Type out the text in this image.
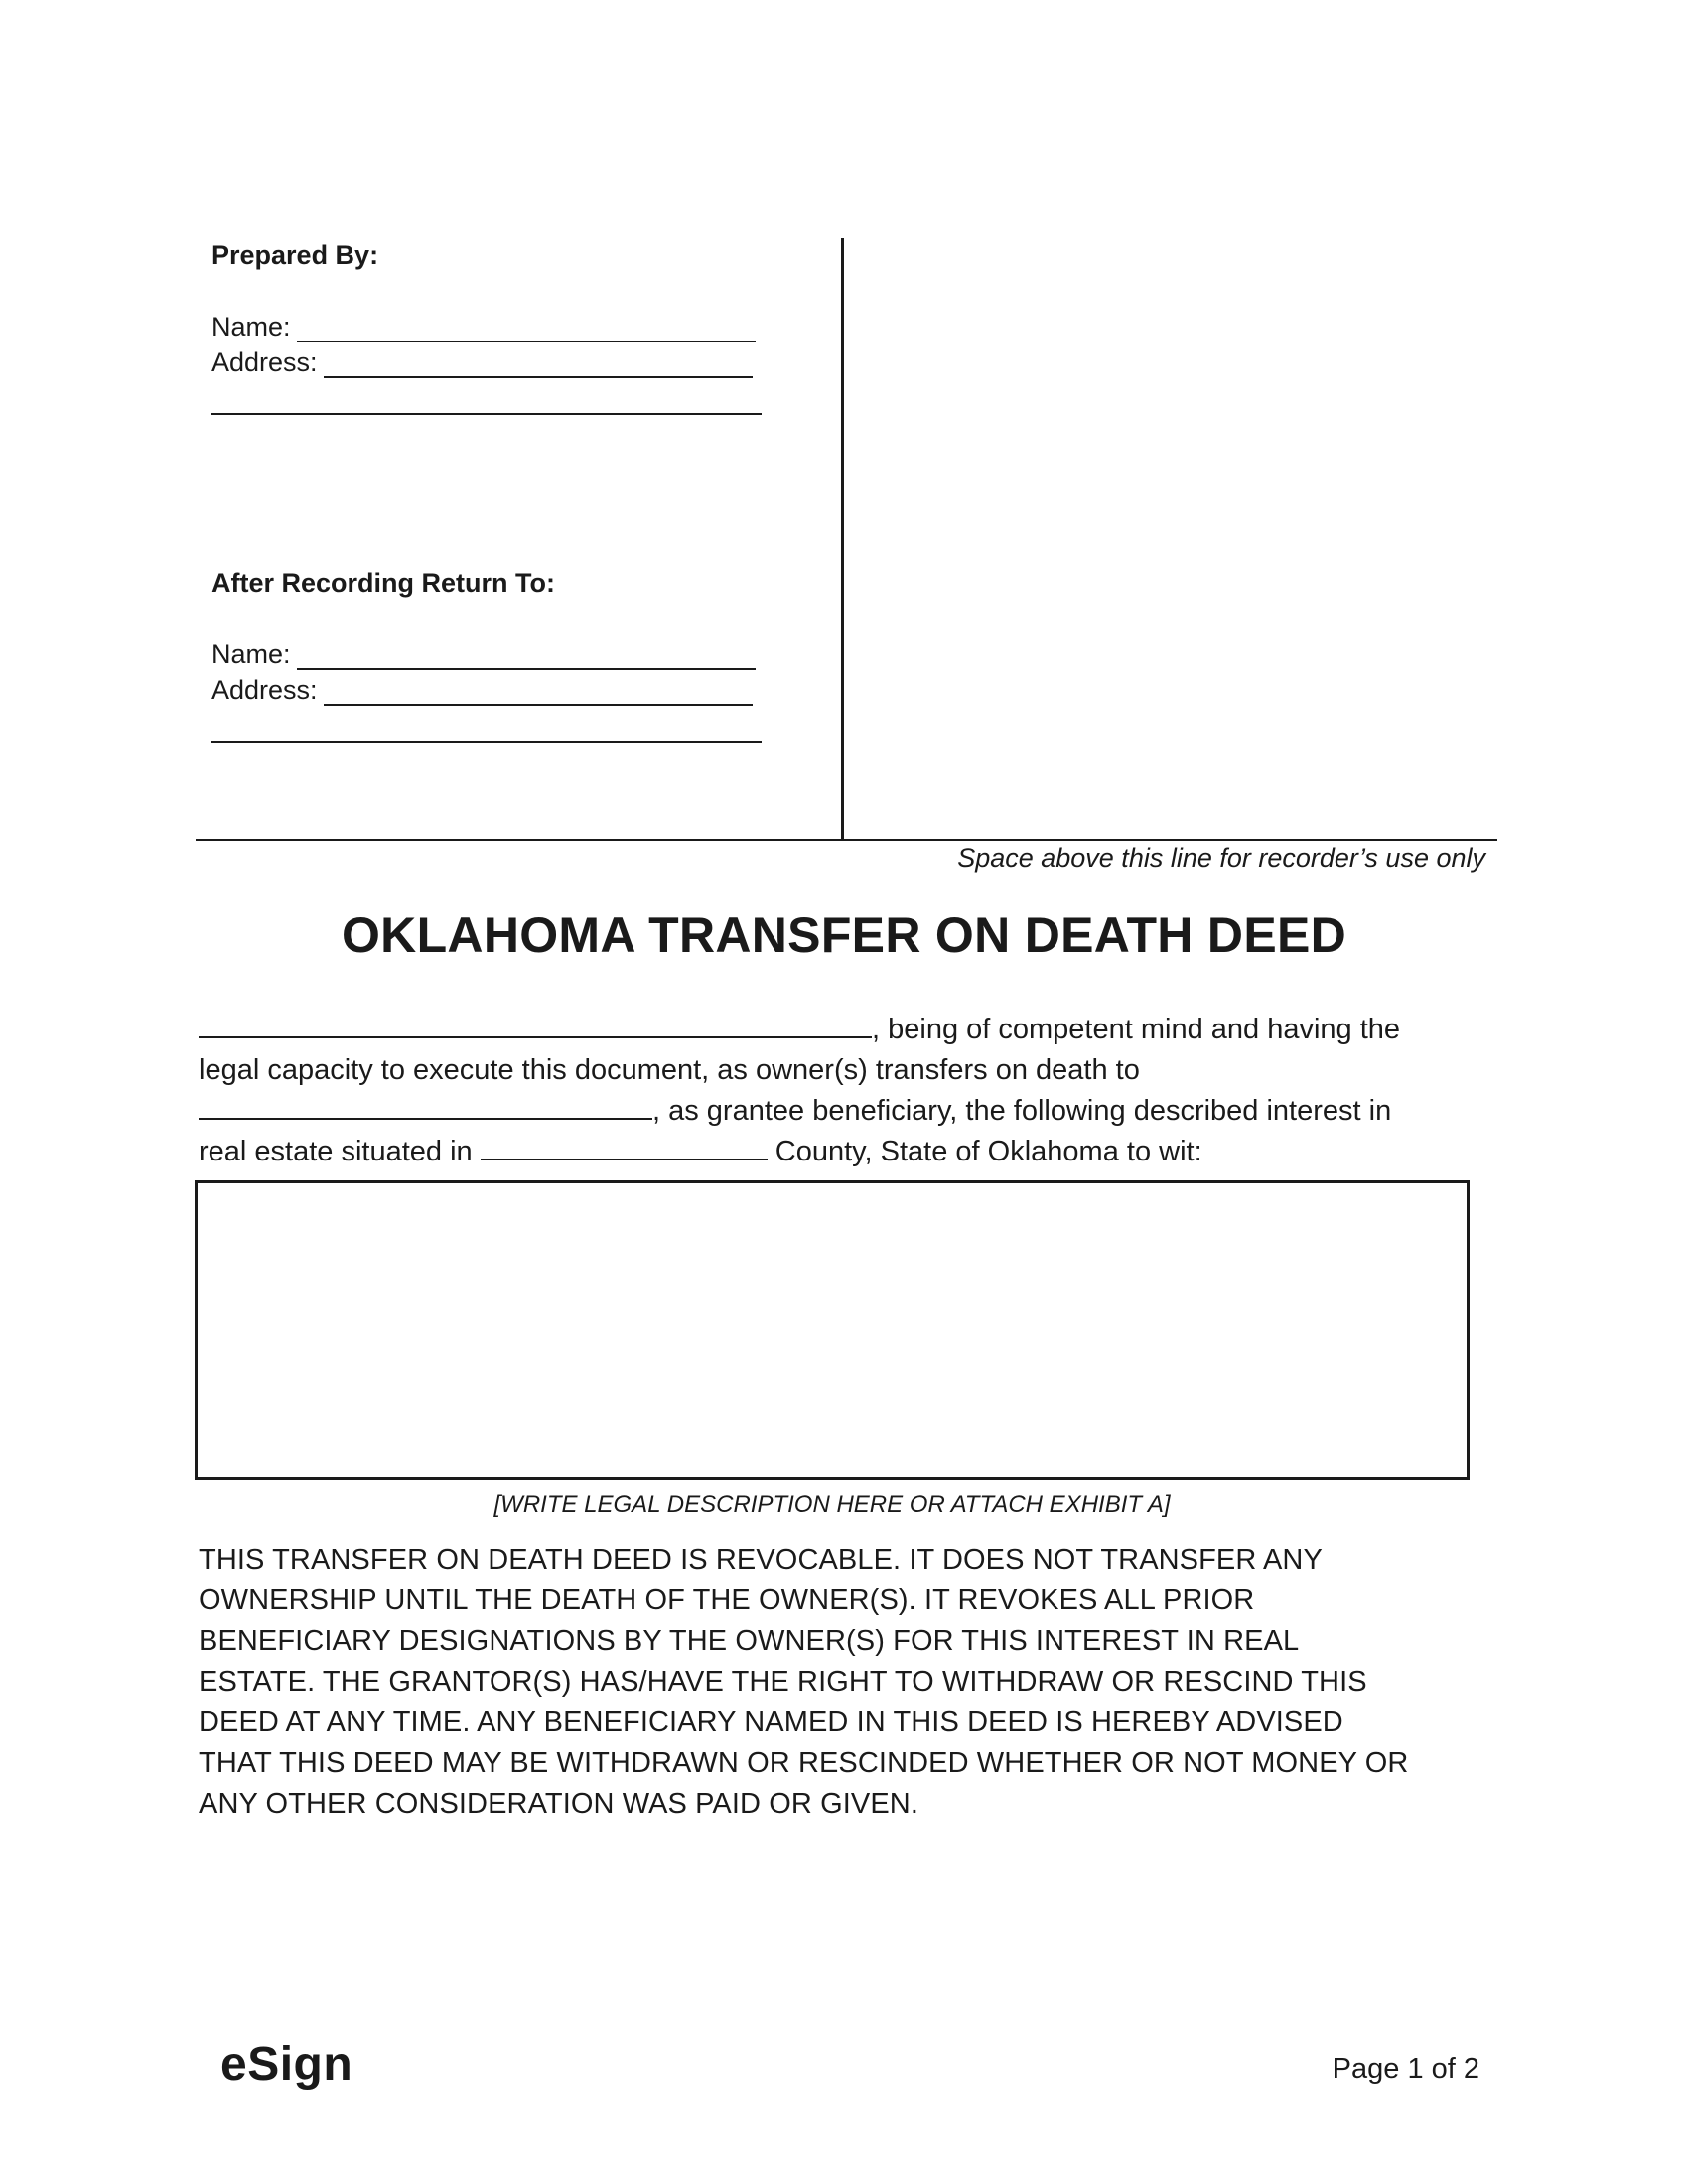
Prepared By:
Name:
Address:
After Recording Return To:
Name:
Address:
Space above this line for recorder’s use only
OKLAHOMA TRANSFER ON DEATH DEED
, being of competent mind and having the
legal capacity to execute this document, as owner(s) transfers on death to
, as grantee beneficiary, the following described interest in
real estate situated in	County, State of Oklahoma to wit:
[WRITE LEGAL DESCRIPTION HERE OR ATTACH EXHIBIT A]
THIS TRANSFER ON DEATH DEED IS REVOCABLE. IT DOES NOT TRANSFER ANY
OWNERSHIP UNTIL THE DEATH OF THE OWNER(S). IT REVOKES ALL PRIOR
BENEFICIARY DESIGNATIONS BY THE OWNER(S) FOR THIS INTEREST IN REAL
ESTATE. THE GRANTOR(S) HAS/HAVE THE RIGHT TO WITHDRAW OR RESCIND THIS
DEED AT ANY TIME. ANY BENEFICIARY NAMED IN THIS DEED IS HEREBY ADVISED
THAT THIS DEED MAY BE WITHDRAWN OR RESCINDED WHETHER OR NOT MONEY OR
ANY OTHER CONSIDERATION WAS PAID OR GIVEN.
eSign	Page 1 of 2
